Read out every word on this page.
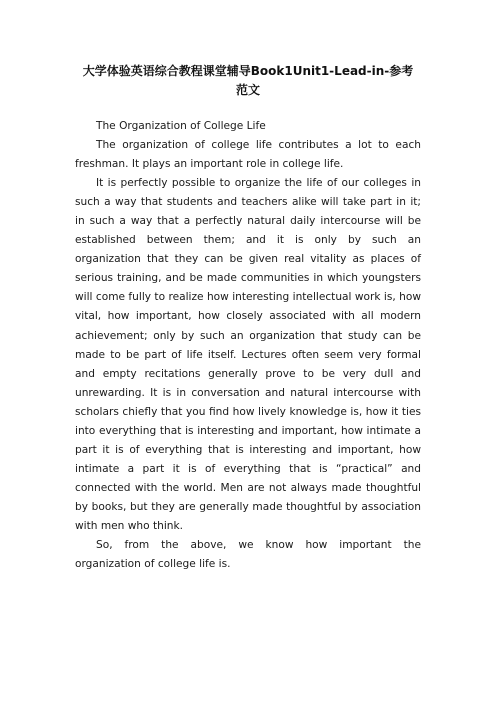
大学体验英语综合教程课堂辅导Book1Unit1-Lead-in-参考
范文

The Organization of College Life

The organization of college life contributes a lot to each freshman. It plays an important role in college life.

It is perfectly possible to organize the life of our colleges in such a way that students and teachers alike will take part in it; in such a way that a perfectly natural daily intercourse will be established between them; and it is only by such an organization that they can be given real vitality as places of serious training, and be made communities in which youngsters will come fully to realize how interesting intellectual work is, how vital, how important, how closely associated with all modern achievement; only by such an organization that study can be made to be part of life itself. Lectures often seem very formal and empty recitations generally prove to be very dull and unrewarding. It is in conversation and natural intercourse with scholars chiefly that you find how lively knowledge is, how it ties into everything that is interesting and important, how intimate a part it is of everything that is interesting and important, how intimate a part it is of everything that is “practical” and connected with the world. Men are not always made thoughtful by books, but they are generally made thoughtful by association with men who think.

So, from the above, we know how important the organization of college life is.
